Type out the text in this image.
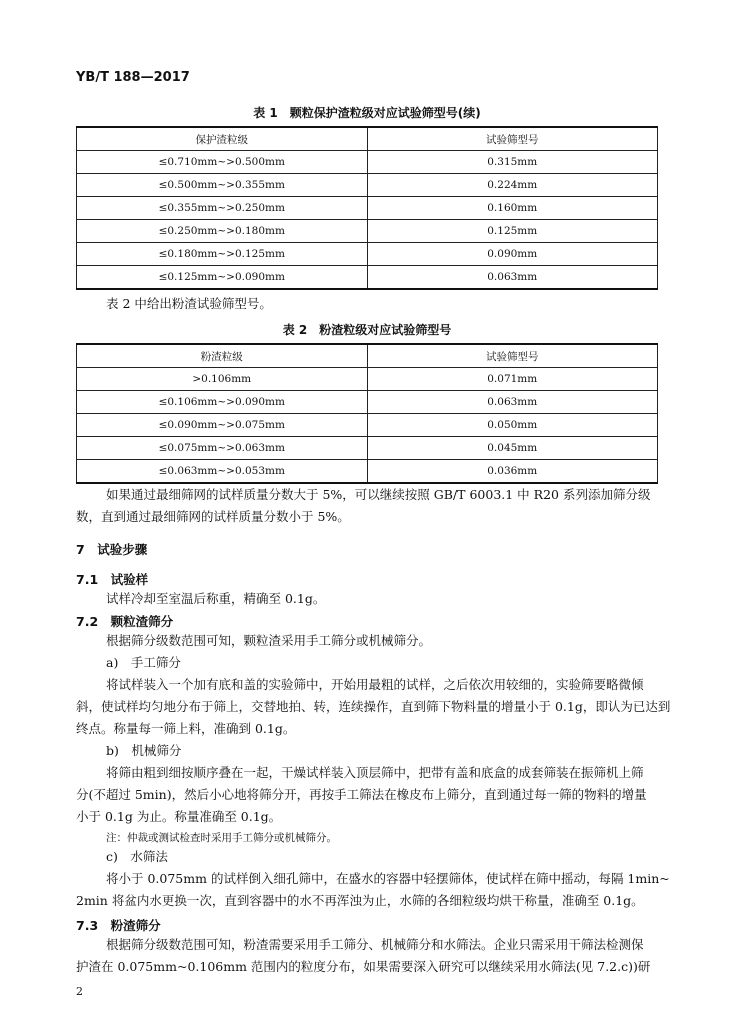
YB/T 188—2017
表 1　颗粒保护渣粒级对应试验筛型号(续)
保护渣粒级	试验筛型号
≤0.710mm~>0.500mm	0.315mm
≤0.500mm~>0.355mm	0.224mm
≤0.355mm~>0.250mm	0.160mm
≤0.250mm~>0.180mm	0.125mm
≤0.180mm~>0.125mm	0.090mm
≤0.125mm~>0.090mm	0.063mm
表 2 中给出粉渣试验筛型号。
表 2　粉渣粒级对应试验筛型号
粉渣粒级	试验筛型号
>0.106mm	0.071mm
≤0.106mm~>0.090mm	0.063mm
≤0.090mm~>0.075mm	0.050mm
≤0.075mm~>0.063mm	0.045mm
≤0.063mm~>0.053mm	0.036mm
如果通过最细筛网的试样质量分数大于 5%，可以继续按照 GB/T 6003.1 中 R20 系列添加筛分级
数，直到通过最细筛网的试样质量分数小于 5%。
7　试验步骤
7.1　试验样
试样冷却至室温后称重，精确至 0.1g。
7.2　颗粒渣筛分
根据筛分级数范围可知，颗粒渣采用手工筛分或机械筛分。
a)　手工筛分
将试样装入一个加有底和盖的实验筛中，开始用最粗的试样，之后依次用较细的，实验筛要略微倾
斜，使试样均匀地分布于筛上，交替地拍、转，连续操作，直到筛下物料量的增量小于 0.1g，即认为已达到
终点。称量每一筛上料，准确到 0.1g。
b)　机械筛分
将筛由粗到细按顺序叠在一起，干燥试样装入顶层筛中，把带有盖和底盒的成套筛装在振筛机上筛
分(不超过 5min)，然后小心地将筛分开，再按手工筛法在橡皮布上筛分，直到通过每一筛的物料的增量
小于 0.1g 为止。称量准确至 0.1g。
注：仲裁或测试检查时采用手工筛分或机械筛分。
c)　水筛法
将小于 0.075mm 的试样倒入细孔筛中，在盛水的容器中轻摆筛体，使试样在筛中摇动，每隔 1min~
2min 将盆内水更换一次，直到容器中的水不再浑浊为止，水筛的各细粒级均烘干称量，准确至 0.1g。
7.3　粉渣筛分
根据筛分级数范围可知，粉渣需要采用手工筛分、机械筛分和水筛法。企业只需采用干筛法检测保
护渣在 0.075mm~0.106mm 范围内的粒度分布，如果需要深入研究可以继续采用水筛法(见 7.2.c))研
2
